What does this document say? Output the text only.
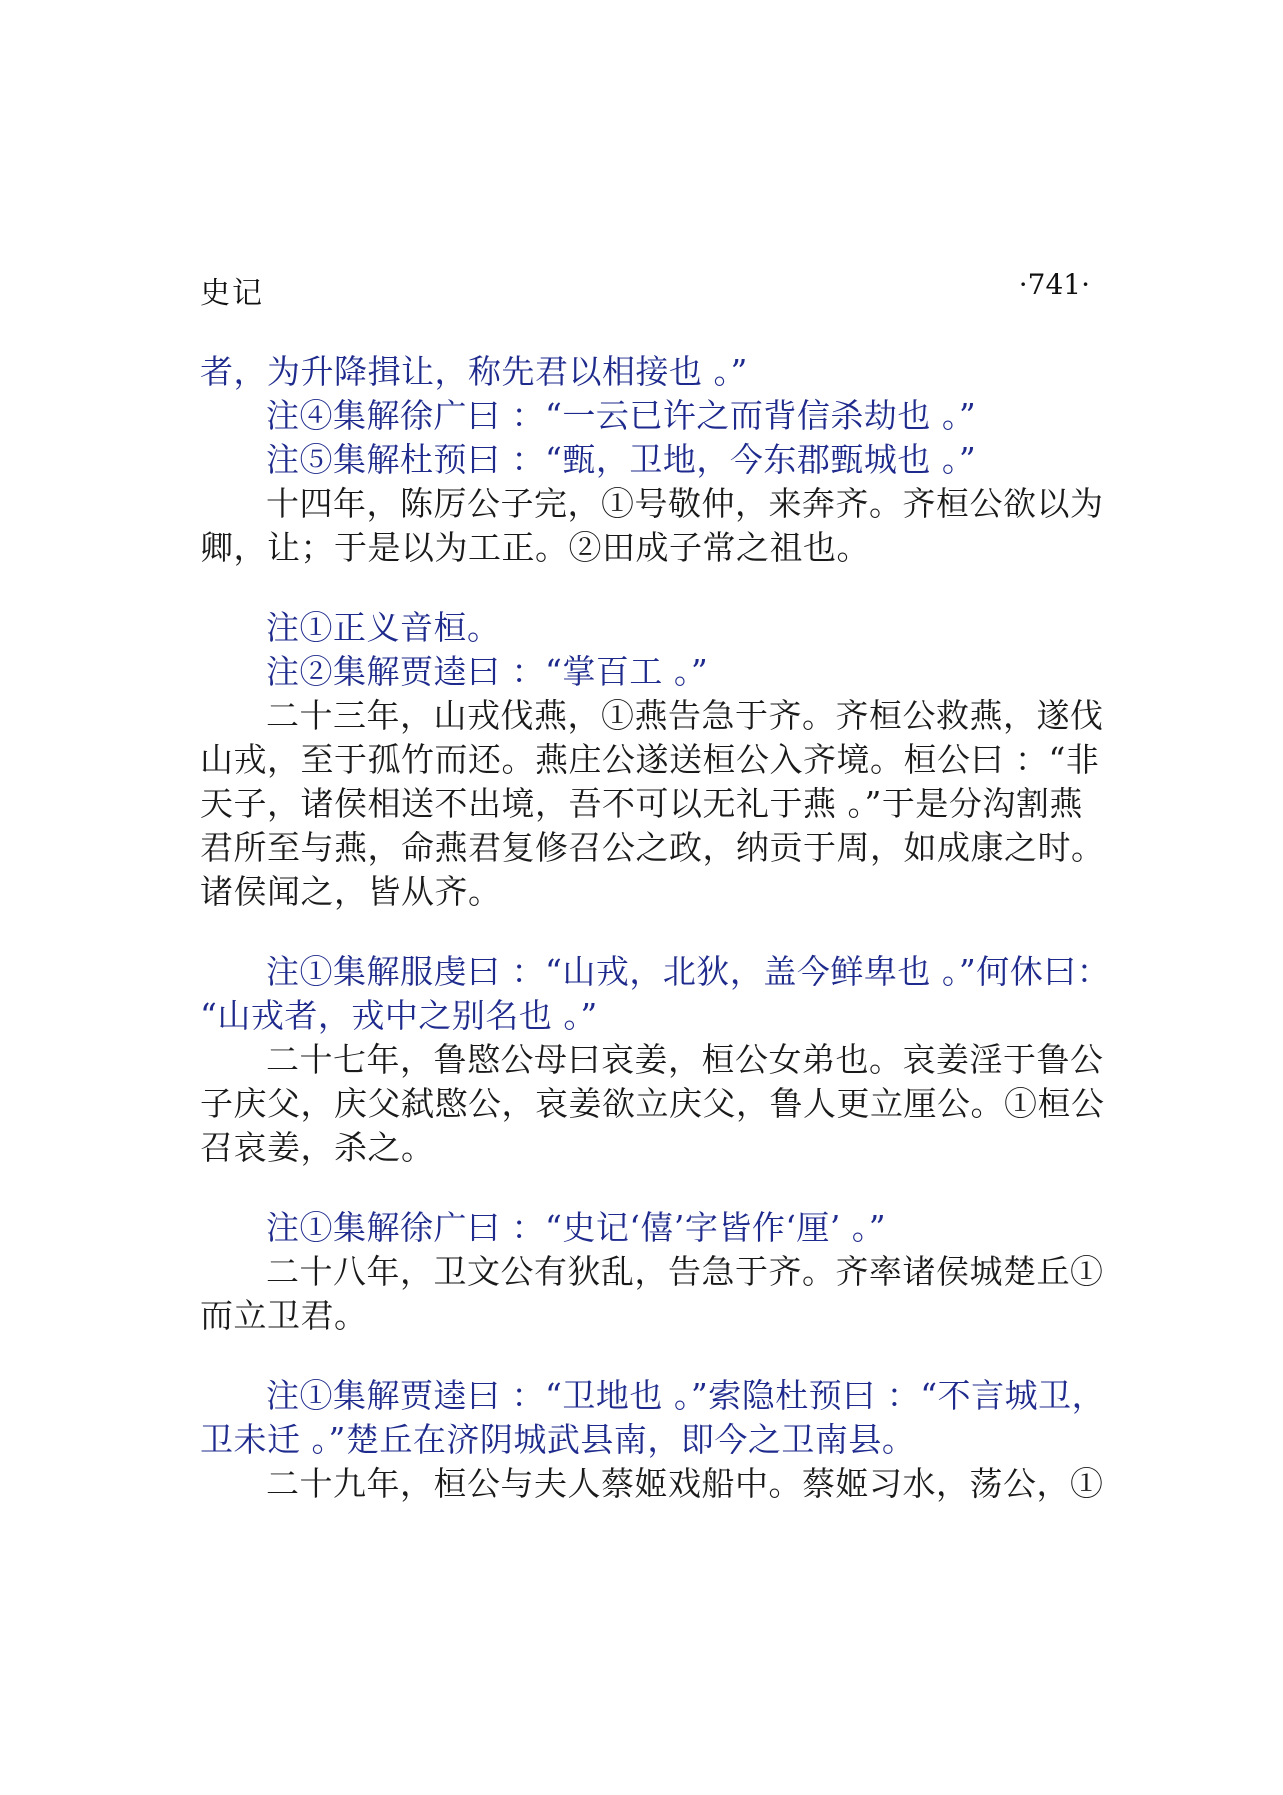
史记	·741·
者，为升降揖让，称先君以相接也 。”
注④集解徐广曰 ：“一云已许之而背信杀劫也 。”
注⑤集解杜预曰 ：“甄，卫地，今东郡甄城也 。”
十四年，陈厉公子完，①号敬仲，来奔齐。齐桓公欲以为
卿，让；于是以为工正。②田成子常之祖也。
注①正义音桓。
注②集解贾逵曰 ：“掌百工 。”
二十三年，山戎伐燕，①燕告急于齐。齐桓公救燕，遂伐
山戎，至于孤竹而还。燕庄公遂送桓公入齐境。桓公曰 ：“非
天子，诸侯相送不出境，吾不可以无礼于燕 。”于是分沟割燕
君所至与燕，命燕君复修召公之政，纳贡于周，如成康之时。
诸侯闻之，皆从齐。
注①集解服虔曰 ：“山戎，北狄，盖今鲜卑也 。”何休曰：
“山戎者，戎中之别名也 。”
二十七年，鲁愍公母曰哀姜，桓公女弟也。哀姜淫于鲁公
子庆父，庆父弑愍公，哀姜欲立庆父，鲁人更立厘公。①桓公
召哀姜，杀之。
注①集解徐广曰 ：“史记‘僖’字皆作‘厘’ 。”
二十八年，卫文公有狄乱，告急于齐。齐率诸侯城楚丘①
而立卫君。
注①集解贾逵曰 ：“卫地也 。”索隐杜预曰 ：“不言城卫，
卫未迁 。”楚丘在济阴城武县南，即今之卫南县。
二十九年，桓公与夫人蔡姬戏船中。蔡姬习水，荡公，①
